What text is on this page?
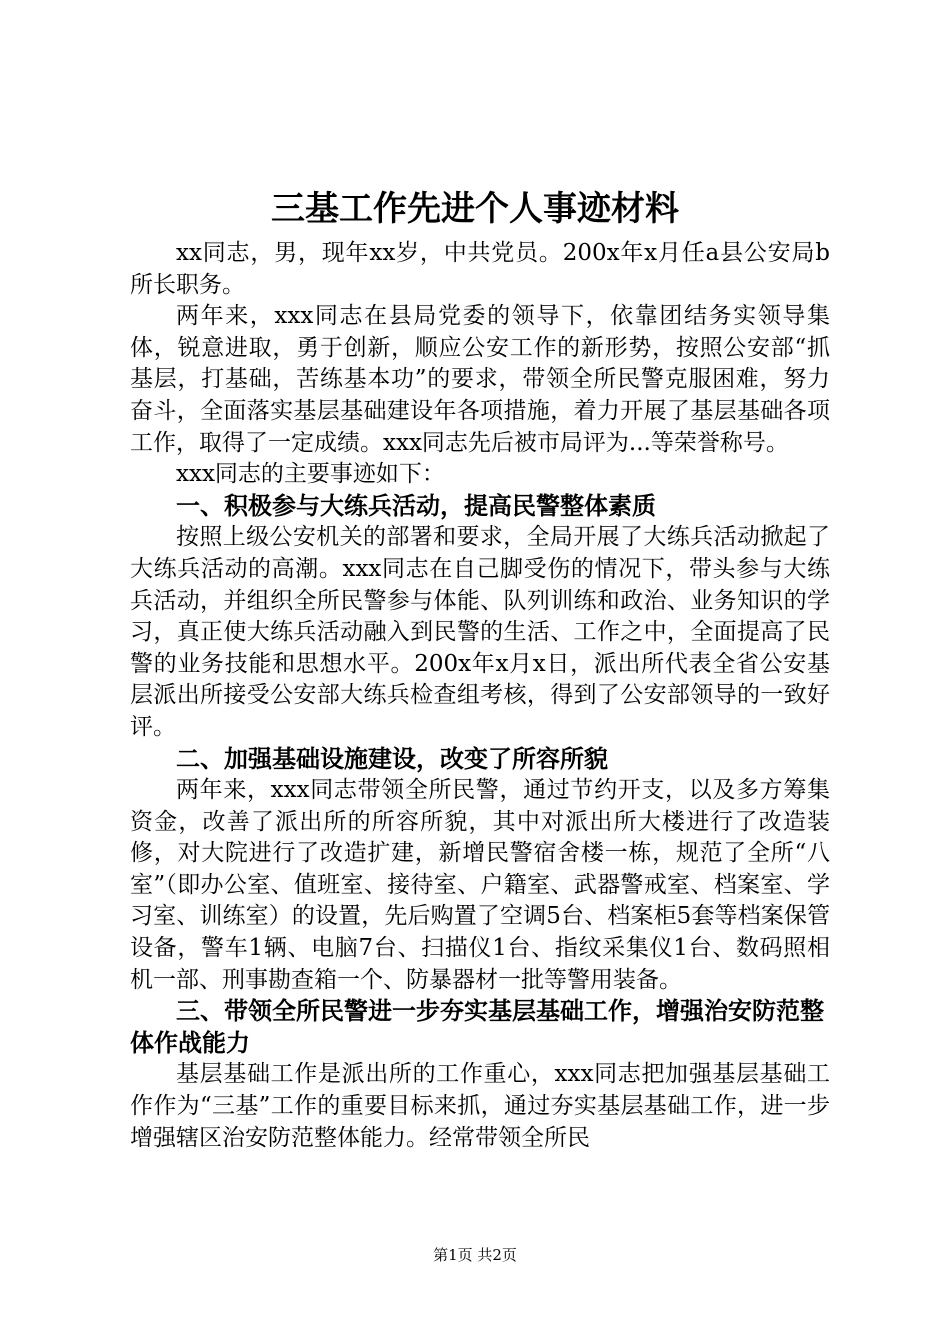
三基工作先进个人事迹材料

xx同志，男，现年xx岁，中共党员。200x年x月任a县公安局b所长职务。

两年来，xxx同志在县局党委的领导下，依靠团结务实领导集体，锐意进取，勇于创新，顺应公安工作的新形势，按照公安部“抓基层，打基础，苦练基本功”的要求，带领全所民警克服困难，努力奋斗，全面落实基层基础建设年各项措施，着力开展了基层基础各项工作，取得了一定成绩。xxx同志先后被市局评为...等荣誉称号。

xxx同志的主要事迹如下：

一、积极参与大练兵活动，提高民警整体素质

按照上级公安机关的部署和要求，全局开展了大练兵活动掀起了大练兵活动的高潮。xxx同志在自己脚受伤的情况下，带头参与大练兵活动，并组织全所民警参与体能、队列训练和政治、业务知识的学习，真正使大练兵活动融入到民警的生活、工作之中，全面提高了民警的业务技能和思想水平。200x年x月x日，派出所代表全省公安基层派出所接受公安部大练兵检查组考核，得到了公安部领导的一致好评。

二、加强基础设施建设，改变了所容所貌

两年来，xxx同志带领全所民警，通过节约开支，以及多方筹集资金，改善了派出所的所容所貌，其中对派出所大楼进行了改造装修，对大院进行了改造扩建，新增民警宿舍楼一栋，规范了全所“八室”（即办公室、值班室、接待室、户籍室、武器警戒室、档案室、学习室、训练室）的设置，先后购置了空调5台、档案柜5套等档案保管设备，警车1辆、电脑7台、扫描仪1台、指纹采集仪1台、数码照相机一部、刑事勘查箱一个、防暴器材一批等警用装备。

三、带领全所民警进一步夯实基层基础工作，增强治安防范整体作战能力

基层基础工作是派出所的工作重心，xxx同志把加强基层基础工作作为“三基”工作的重要目标来抓，通过夯实基层基础工作，进一步增强辖区治安防范整体能力。经常带领全所民

第1页 共2页
